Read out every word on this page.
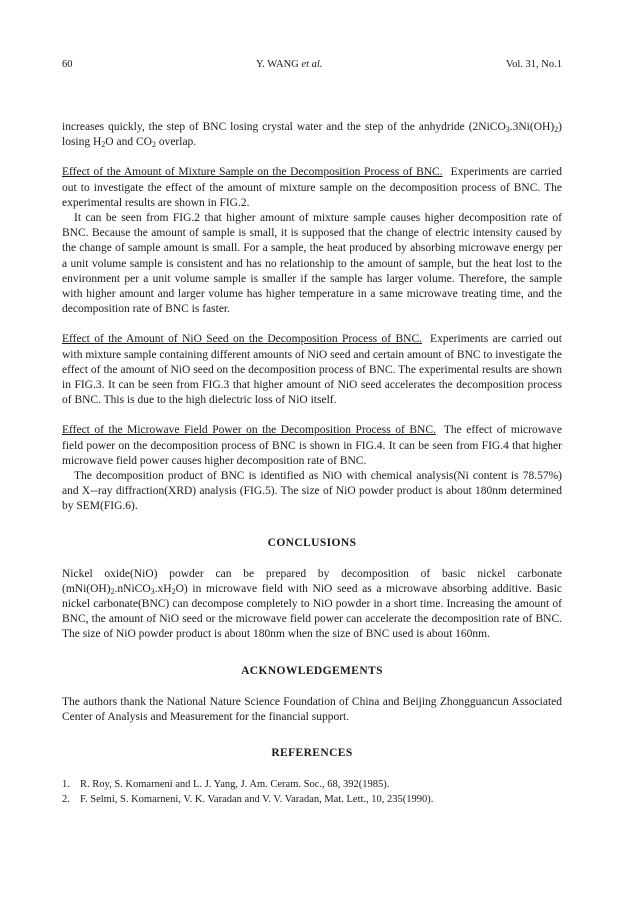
60	Y. WANG et al.	Vol. 31, No.1

increases quickly, the step of BNC losing crystal water and the step of the anhydride $(2NiCO_3.3Ni(OH)_2)$ losing $H_2O$ and $CO_2$ overlap.

Effect of the Amount of Mixture Sample on the Decomposition Process of BNC. Experiments are carried out to investigate the effect of the amount of mixture sample on the decomposition process of BNC. The experimental results are shown in FIG.2.

It can be seen from FIG.2 that higher amount of mixture sample causes higher decomposition rate of BNC. Because the amount of sample is small, it is supposed that the change of electric intensity caused by the change of sample amount is small. For a sample, the heat produced by absorbing microwave energy per a unit volume sample is consistent and has no relationship to the amount of sample, but the heat lost to the environment per a unit volume sample is smaller if the sample has larger volume. Therefore, the sample with higher amount and larger volume has higher temperature in a same microwave treating time, and the decomposition rate of BNC is faster.

Effect of the Amount of NiO Seed on the Decomposition Process of BNC. Experiments are carried out with mixture sample containing different amounts of NiO seed and certain amount of BNC to investigate the effect of the amount of NiO seed on the decomposition process of BNC. The experimental results are shown in FIG.3. It can be seen from FIG.3 that higher amount of NiO seed accelerates the decomposition process of BNC. This is due to the high dielectric loss of NiO itself.

Effect of the Microwave Field Power on the Decomposition Process of BNC. The effect of microwave field power on the decomposition process of BNC is shown in FIG.4. It can be seen from FIG.4 that higher microwave field power causes higher decomposition rate of BNC.

The decomposition product of BNC is identified as NiO with chemical analysis(Ni content is 78.57%) and X--ray diffraction(XRD) analysis (FIG.5). The size of NiO powder product is about 180nm determined by SEM(FIG.6).

CONCLUSIONS

Nickel oxide(NiO) powder can be prepared by decomposition of basic nickel carbonate $(mNi(OH)_2.nNiCO_3.xH_2O)$ in microwave field with NiO seed as a microwave absorbing additive. Basic nickel carbonate(BNC) can decompose completely to NiO powder in a short time. Increasing the amount of BNC, the amount of NiO seed or the microwave field power can accelerate the decomposition rate of BNC. The size of NiO powder product is about 180nm when the size of BNC used is about 160nm.

ACKNOWLEDGEMENTS

The authors thank the National Nature Science Foundation of China and Beijing Zhongguancun Associated Center of Analysis and Measurement for the financial support.

REFERENCES
1. R. Roy, S. Komarneni and L. J. Yang, J. Am. Ceram. Soc., 68, 392(1985).
2. F. Selmi, S. Komarneni, V. K. Varadan and V. V. Varadan, Mat. Lett., 10, 235(1990).
